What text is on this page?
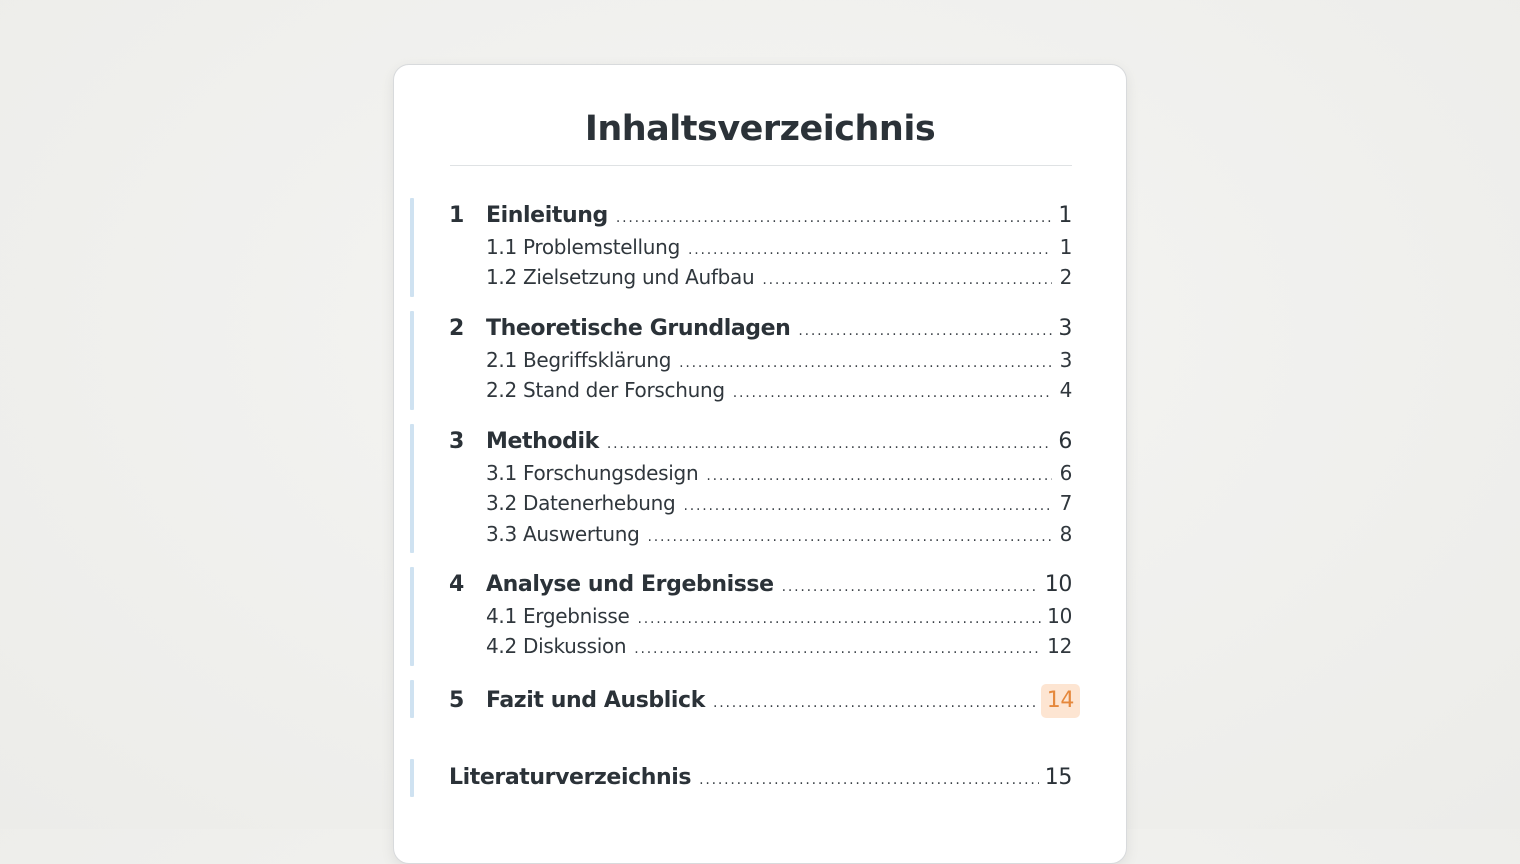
Inhaltsverzeichnis
1	Einleitung .....	1
1.1 Problemstellung .....	1
1.2 Zielsetzung und Aufbau .....	2
2	Theoretische Grundlagen .....	3
2.1 Begriffsklärung .....	3
2.2 Stand der Forschung .....	4
3	Methodik .....	6
3.1 Forschungsdesign .....	6
3.2 Datenerhebung .....	7
3.3 Auswertung .....	8
4	Analyse und Ergebnisse .....	10
4.1 Ergebnisse .....	10
4.2 Diskussion .....	12
5	Fazit und Ausblick .....	14
Literaturverzeichnis .....	15
